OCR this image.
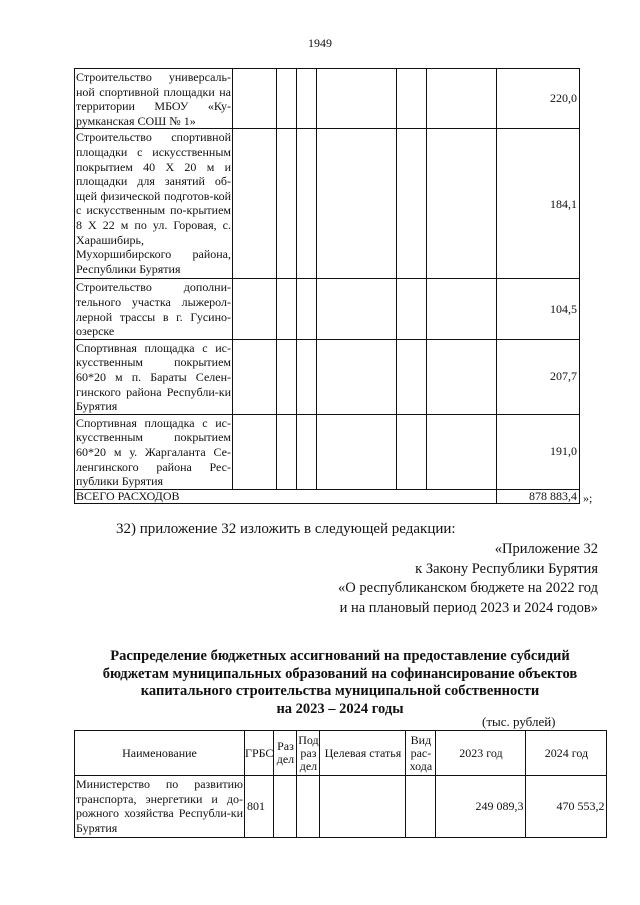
1949
Строительство универсаль-ной спортивной площадки на территории МБОУ «Ку-румканская СОШ № 1»							220,0
Строительство спортивной площадки с искусственным покрытием 40 Х 20 м и площадки для занятий об-щей физической подготов-кой с искусственным по-крытием 8 Х 22 м по ул. Горовая, с. Харашибирь, Мухоршибирского района, Республики Бурятия							184,1
Строительство дополни-тельного участка лыжерол-лерной трассы в г. Гусино-озерске							104,5
Спортивная площадка с ис-кусственным покрытием 60*20 м п. Бараты Селен-гинского района Республи-ки Бурятия							207,7
Спортивная площадка с ис-кусственным покрытием 60*20 м у. Жаргаланта Се-ленгинского района Рес-публики Бурятия							191,0
ВСЕГО РАСХОДОВ							878 883,4 »;
32) приложение 32 изложить в следующей редакции:
«Приложение 32
к Закону Республики Бурятия
«О республиканском бюджете на 2022 год
и на плановый период 2023 и 2024 годов»
Распределение бюджетных ассигнований на предоставление субсидий
бюджетам муниципальных образований на софинансирование объектов
капитального строительства муниципальной собственности
на 2023 – 2024 годы
(тыс. рублей)
Наименование	ГРБС	Раз дел	Под раз дел	Целевая статья	Вид рас-хода	2023 год	2024 год
Министерство по развитию транспорта, энергетики и до-рожного хозяйства Республи-ки Бурятия	801					249 089,3	470 553,2
